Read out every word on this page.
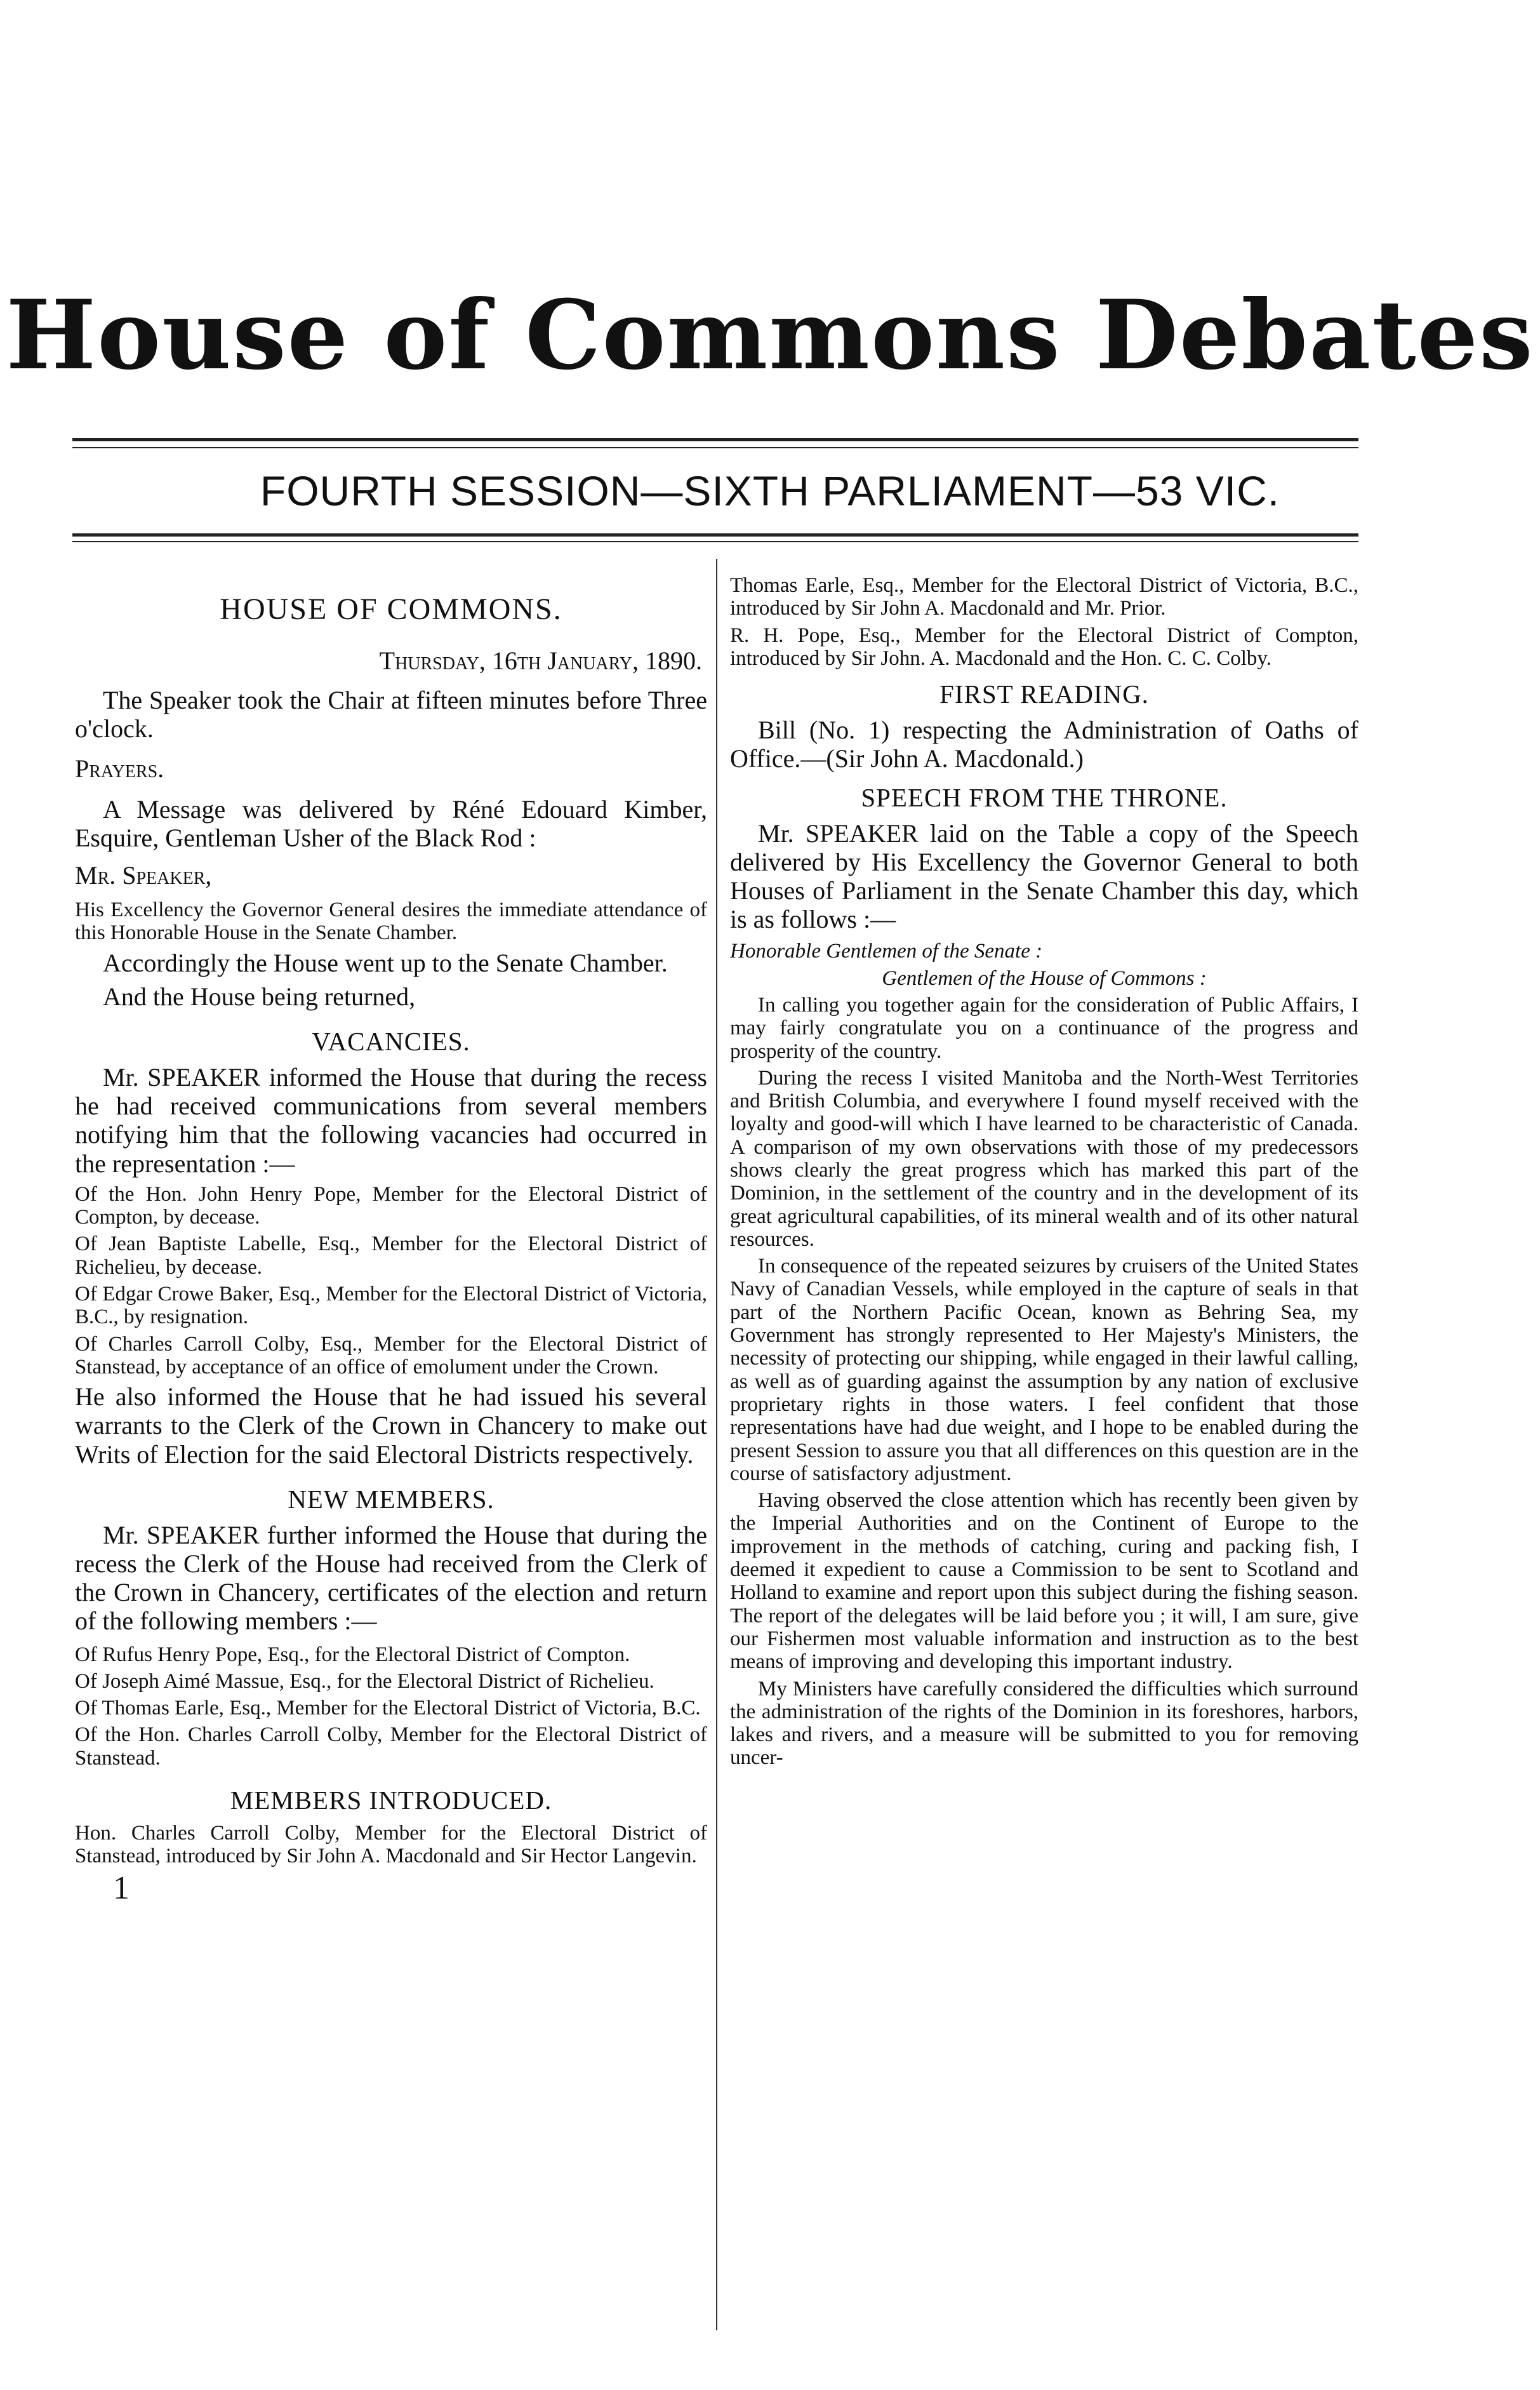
House of Commons Debates
FOURTH SESSION—SIXTH PARLIAMENT—53 VIC.
HOUSE OF COMMONS.
Thursday, 16th January, 1890.

The Speaker took the Chair at fifteen minutes before Three o'clock.

Prayers.

A Message was delivered by Réné Edouard Kimber, Esquire, Gentleman Usher of the Black Rod :

Mr. Speaker,

His Excellency the Governor General desires the immediate attendance of this Honorable House in the Senate Chamber.

Accordingly the House went up to the Senate Chamber.

And the House being returned,

VACANCIES.

Mr. SPEAKER informed the House that during the recess he had received communications from several members notifying him that the following vacancies had occurred in the representation :—

Of the Hon. John Henry Pope, Member for the Electoral District of Compton, by decease.

Of Jean Baptiste Labelle, Esq., Member for the Electoral District of Richelieu, by decease.

Of Edgar Crowe Baker, Esq., Member for the Electoral District of Victoria, B.C., by resignation.

Of Charles Carroll Colby, Esq., Member for the Electoral District of Stanstead, by acceptance of an office of emolument under the Crown.

He also informed the House that he had issued his several warrants to the Clerk of the Crown in Chancery to make out Writs of Election for the said Electoral Districts respectively.

NEW MEMBERS.

Mr. SPEAKER further informed the House that during the recess the Clerk of the House had received from the Clerk of the Crown in Chancery, certificates of the election and return of the following members :—

Of Rufus Henry Pope, Esq., for the Electoral District of Compton.

Of Joseph Aimé Massue, Esq., for the Electoral District of Richelieu.

Of Thomas Earle, Esq., Member for the Electoral District of Victoria, B.C.

Of the Hon. Charles Carroll Colby, Member for the Electoral District of Stanstead.

MEMBERS INTRODUCED.

Hon. Charles Carroll Colby, Member for the Electoral District of Stanstead, introduced by Sir John A. Macdonald and Sir Hector Langevin.

1

Thomas Earle, Esq., Member for the Electoral District of Victoria, B.C., introduced by Sir John A. Macdonald and Mr. Prior.

R. H. Pope, Esq., Member for the Electoral District of Compton, introduced by Sir John. A. Macdonald and the Hon. C. C. Colby.

FIRST READING.

Bill (No. 1) respecting the Administration of Oaths of Office.—(Sir John A. Macdonald.)

SPEECH FROM THE THRONE.

Mr. SPEAKER laid on the Table a copy of the Speech delivered by His Excellency the Governor General to both Houses of Parliament in the Senate Chamber this day, which is as follows :—

Honorable Gentlemen of the Senate :

Gentlemen of the House of Commons :

In calling you together again for the consideration of Public Affairs, I may fairly congratulate you on a continuance of the progress and prosperity of the country.

During the recess I visited Manitoba and the North-West Territories and British Columbia, and everywhere I found myself received with the loyalty and good-will which I have learned to be characteristic of Canada. A comparison of my own observations with those of my predecessors shows clearly the great progress which has marked this part of the Dominion, in the settlement of the country and in the development of its great agricultural capabilities, of its mineral wealth and of its other natural resources.

In consequence of the repeated seizures by cruisers of the United States Navy of Canadian Vessels, while employed in the capture of seals in that part of the Northern Pacific Ocean, known as Behring Sea, my Government has strongly represented to Her Majesty's Ministers, the necessity of protecting our shipping, while engaged in their lawful calling, as well as of guarding against the assumption by any nation of exclusive proprietary rights in those waters. I feel confident that those representations have had due weight, and I hope to be enabled during the present Session to assure you that all differences on this question are in the course of satisfactory adjustment.

Having observed the close attention which has recently been given by the Imperial Authorities and on the Continent of Europe to the improvement in the methods of catching, curing and packing fish, I deemed it expedient to cause a Commission to be sent to Scotland and Holland to examine and report upon this subject during the fishing season. The report of the delegates will be laid before you ; it will, I am sure, give our Fishermen most valuable information and instruction as to the best means of improving and developing this important industry.

My Ministers have carefully considered the difficulties which surround the administration of the rights of the Dominion in its foreshores, harbors, lakes and rivers, and a measure will be submitted to you for removing uncer-
